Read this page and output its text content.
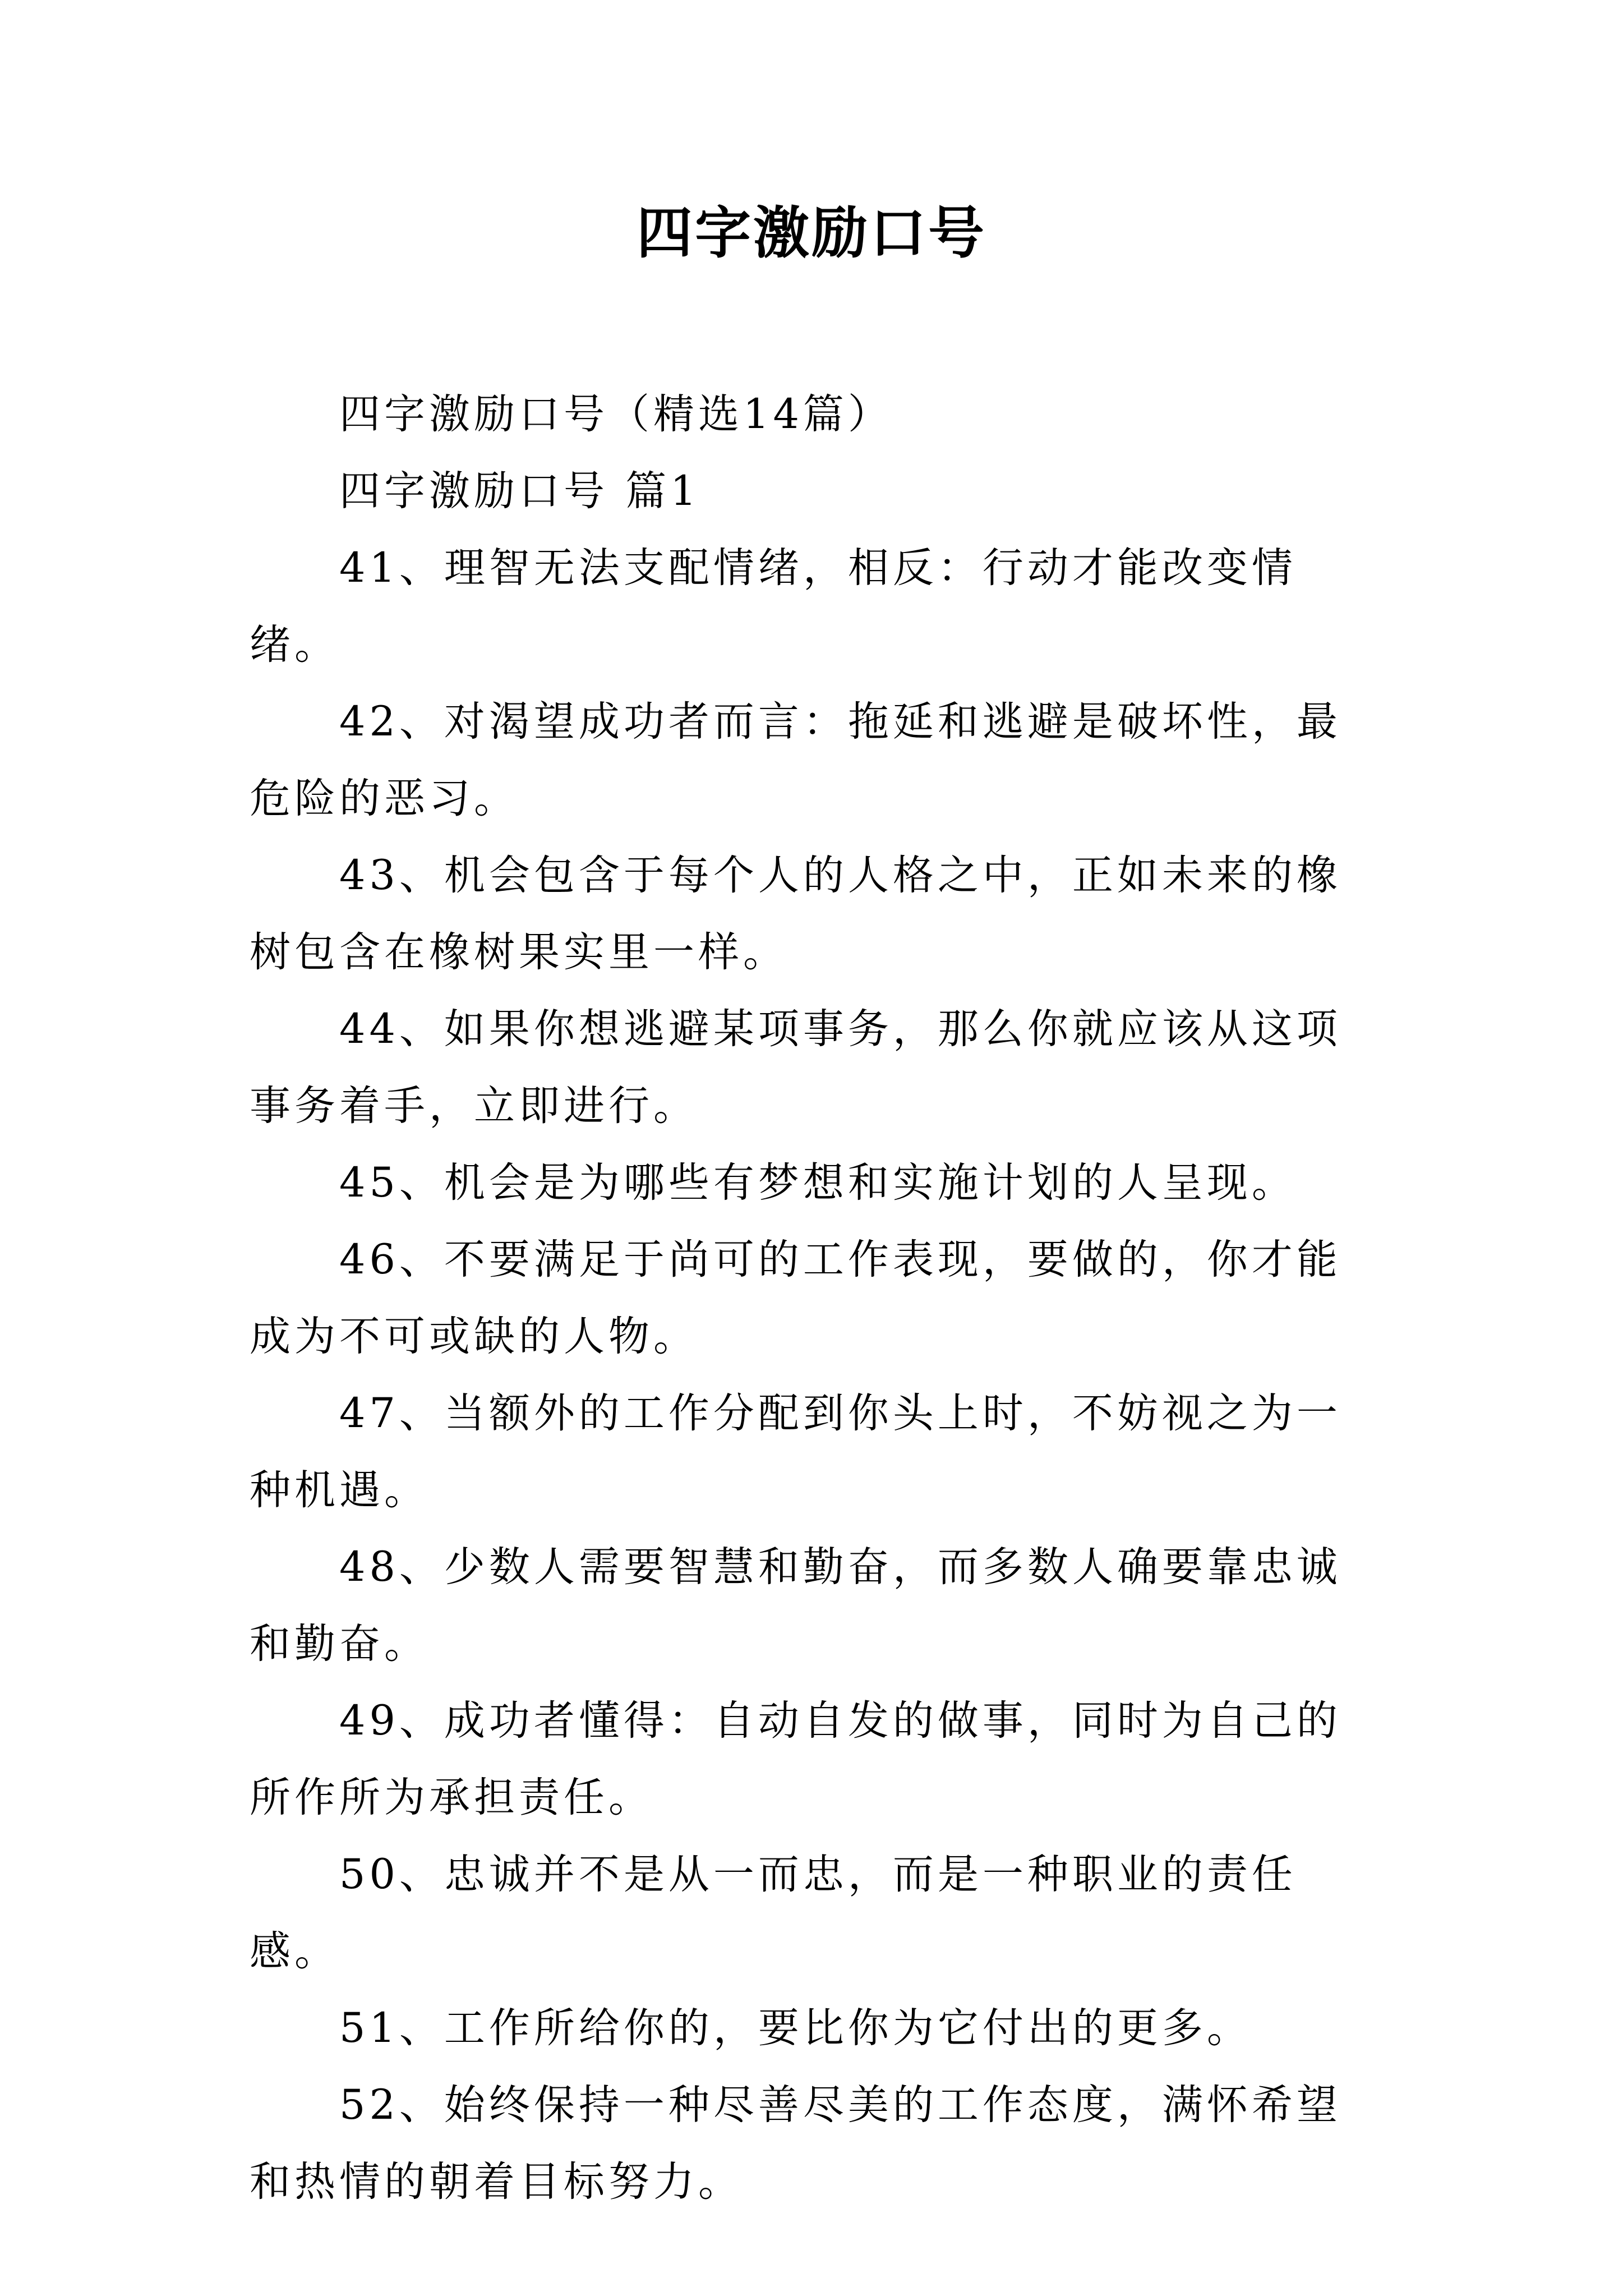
四字激励口号

四字激励口号（精选14篇）

四字激励口号 篇1

41、理智无法支配情绪，相反：行动才能改变情绪。

42、对渴望成功者而言：拖延和逃避是破坏性，最危险的恶习。

43、机会包含于每个人的人格之中，正如未来的橡树包含在橡树果实里一样。

44、如果你想逃避某项事务，那么你就应该从这项事务着手，立即进行。

45、机会是为哪些有梦想和实施计划的人呈现。

46、不要满足于尚可的工作表现，要做的，你才能成为不可或缺的人物。

47、当额外的工作分配到你头上时，不妨视之为一种机遇。

48、少数人需要智慧和勤奋，而多数人确要靠忠诚和勤奋。

49、成功者懂得：自动自发的做事，同时为自己的所作所为承担责任。

50、忠诚并不是从一而忠，而是一种职业的责任感。

51、工作所给你的，要比你为它付出的更多。

52、始终保持一种尽善尽美的工作态度，满怀希望和热情的朝着目标努力。
